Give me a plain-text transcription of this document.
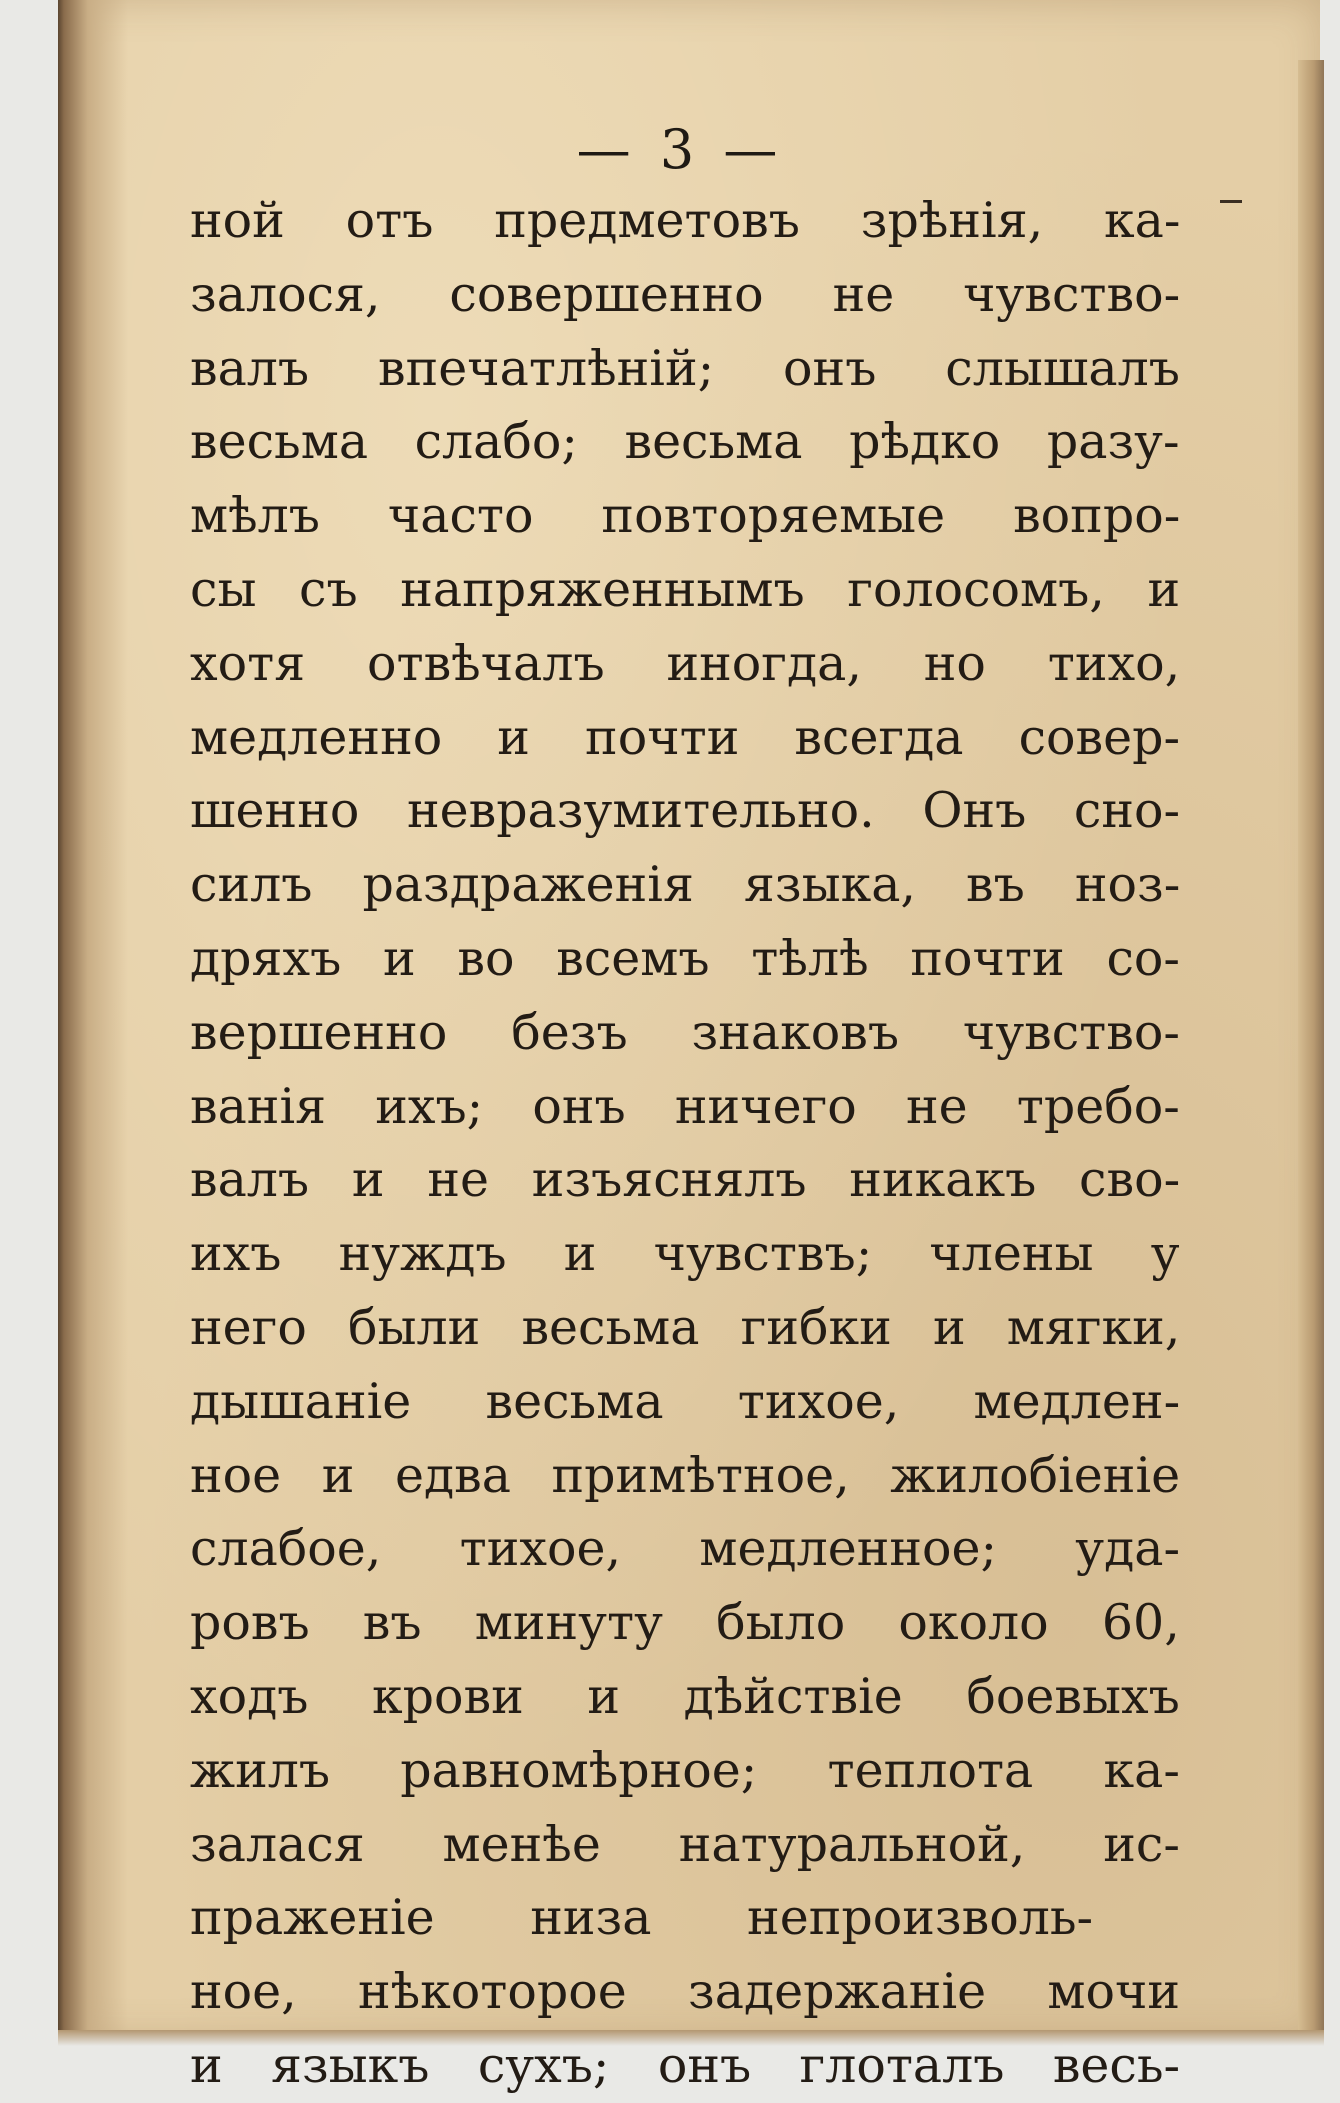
— 3 —
ной отъ предметовъ зрѣнія, ка-
залося, совершенно не чувство-
валъ впечатлѣній; онъ слышалъ
весьма слабо; весьма рѣдко разу-
мѣлъ часто повторяемые вопро-
сы съ напряженнымъ голосомъ, и
хотя отвѣчалъ иногда, но тихо,
медленно и почти всегда совер-
шенно невразумительно. Онъ сно-
силъ раздраженія языка, въ ноз-
дряхъ и во всемъ тѣлѣ почти со-
вершенно безъ знаковъ чувство-
ванія ихъ; онъ ничего не требо-
валъ и не изъяснялъ никакъ сво-
ихъ нуждъ и чувствъ; члены у
него были весьма гибки и мягки,
дышаніе весьма тихое, медлен-
ное и едва примѣтное, жилобіеніе
слабое, тихое, медленное; уда-
ровъ въ минуту было около 60,
ходъ крови и дѣйствіе боевыхъ
жилъ равномѣрное; теплота ка-
залася менѣе натуральной, ис-
праженіе низа непроизволь-
ное, нѣкоторое задержаніе мочи
и языкъ сухъ; онъ глоталъ весь-
